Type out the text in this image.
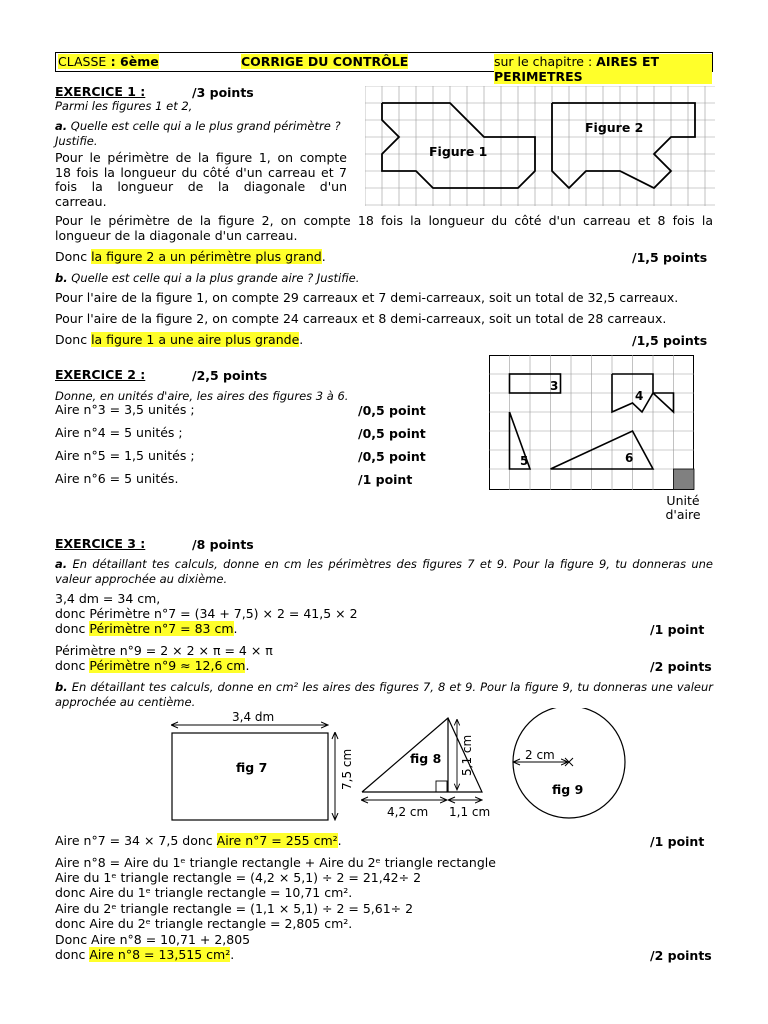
CLASSE : 6ème	CORRIGE DU CONTRÔLE	sur le chapitre : AIRES ET PERIMETRES
EXERCICE 1 :	/3 points
Parmi les figures 1 et 2,
a. Quelle est celle qui a le plus grand périmètre ? Justifie.
Pour le périmètre de la figure 1, on compte
18 fois la longueur du côté d'un carreau et 7
fois la longueur de la diagonale d'un
carreau.
Pour le périmètre de la figure 2, on compte 18 fois la longueur du côté d'un carreau et 8 fois la
longueur de la diagonale d'un carreau.
Donc la figure 2 a un périmètre plus grand.	/1,5 points
b. Quelle est celle qui a la plus grande aire ? Justifie.
Pour l'aire de la figure 1, on compte 29 carreaux et 7 demi-carreaux, soit un total de 32,5 carreaux.
Pour l'aire de la figure 2, on compte 24 carreaux et 8 demi-carreaux, soit un total de 28 carreaux.
Donc la figure 1 a une aire plus grande.	/1,5 points
Figure 1
Figure 2
EXERCICE 2 :	/2,5 points
Donne, en unités d'aire, les aires des figures 3 à 6.
Aire n°3 = 3,5 unités ;	/0,5 point
Aire n°4 = 5 unités ;	/0,5 point
Aire n°5 = 1,5 unités ;	/0,5 point
Aire n°6 = 5 unités.	/1 point
3
4
5	6
Unité
d'aire
EXERCICE 3 :	/8 points
a. En détaillant tes calculs, donne en cm les périmètres des figures 7 et 9. Pour la figure 9, tu donneras une
valeur approchée au dixième.
3,4 dm = 34 cm,
donc Périmètre n°7 = (34 + 7,5) × 2 = 41,5 × 2
donc Périmètre n°7 = 83 cm.	/1 point
Périmètre n°9 = 2 × 2 × π = 4 × π
donc Périmètre n°9 ≈ 12,6 cm.	/2 points
b. En détaillant tes calculs, donne en cm² les aires des figures 7, 8 et 9. Pour la figure 9, tu donneras une valeur
approchée au centième.
3,4 dm
fig 7	7,5 cm	fig 8 5,1 cm
4,2 cm 1,1 cm
2 cm
fig 9
Aire n°7 = 34 × 7,5 donc Aire n°7 = 255 cm².	/1 point
Aire n°8 = Aire du 1ᵉ triangle rectangle + Aire du 2ᵉ triangle rectangle
Aire du 1ᵉ triangle rectangle = (4,2 × 5,1) ÷ 2 = 21,42÷ 2
donc Aire du 1ᵉ triangle rectangle = 10,71 cm².
Aire du 2ᵉ triangle rectangle = (1,1 × 5,1) ÷ 2 = 5,61÷ 2
donc Aire du 2ᵉ triangle rectangle = 2,805 cm².
Donc Aire n°8 = 10,71 + 2,805
donc Aire n°8 = 13,515 cm².	/2 points
